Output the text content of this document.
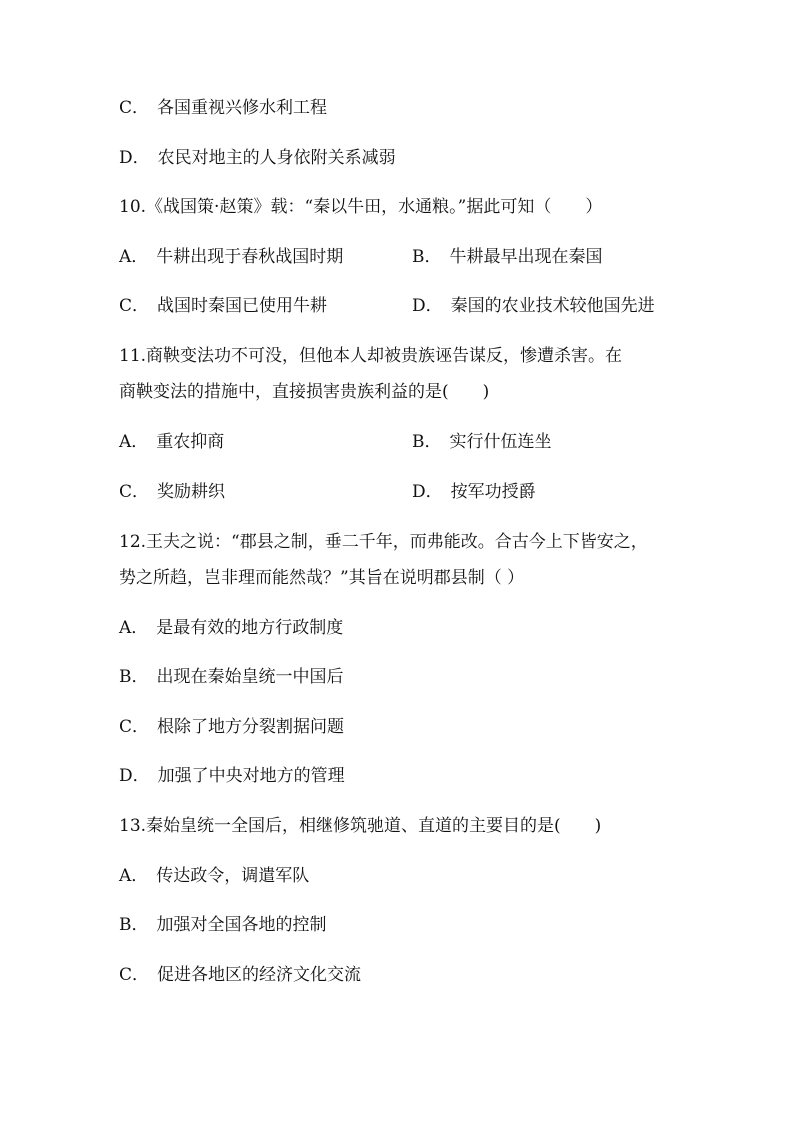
C． 各国重视兴修水利工程
D． 农民对地主的人身依附关系减弱
10.《战国策·赵策》载：“秦以牛田，水通粮。”据此可知（　　）
A． 牛耕出现于春秋战国时期	B． 牛耕最早出现在秦国
C． 战国时秦国已使用牛耕	D． 秦国的农业技术较他国先进
11.商鞅变法功不可没，但他本人却被贵族诬告谋反，惨遭杀害。在
商鞅变法的措施中，直接损害贵族利益的是(　　)
A． 重农抑商	B． 实行什伍连坐
C． 奖励耕织	D． 按军功授爵
12.王夫之说：“郡县之制，垂二千年，而弗能改。合古今上下皆安之，
势之所趋，岂非理而能然哉？”其旨在说明郡县制（ ）
A． 是最有效的地方行政制度
B． 出现在秦始皇统一中国后
C． 根除了地方分裂割据问题
D． 加强了中央对地方的管理
13.秦始皇统一全国后，相继修筑驰道、直道的主要目的是(　　)
A． 传达政令，调遣军队
B． 加强对全国各地的控制
C． 促进各地区的经济文化交流
